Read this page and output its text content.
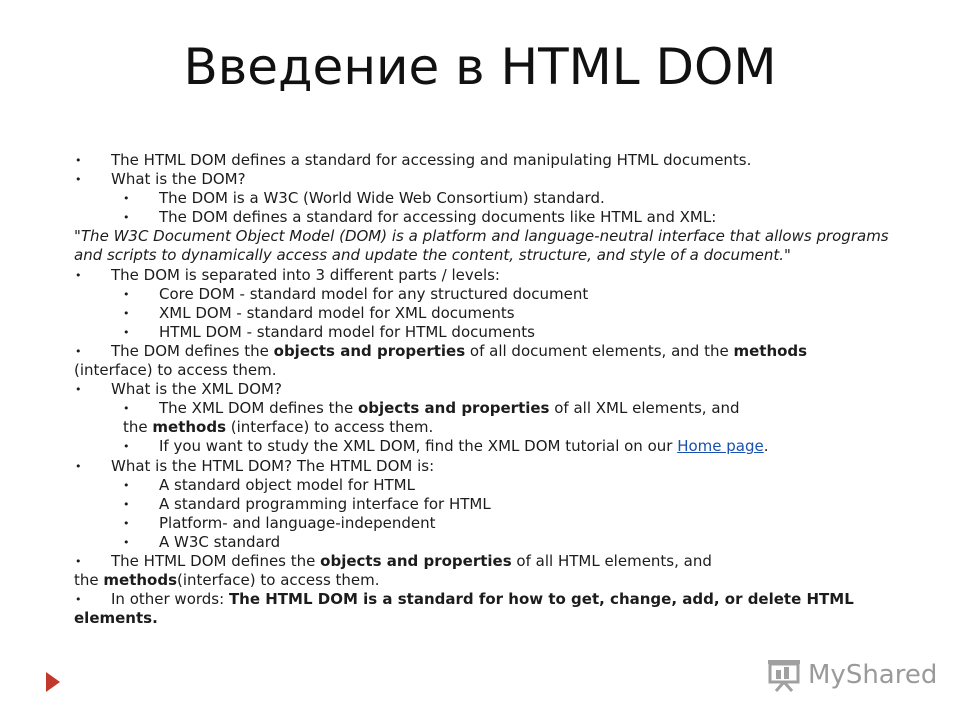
Введение в HTML DOM
• The HTML DOM defines a standard for accessing and manipulating HTML documents.
• What is the DOM?
• The DOM is a W3C (World Wide Web Consortium) standard.
• The DOM defines a standard for accessing documents like HTML and XML:
"The W3C Document Object Model (DOM) is a platform and language-neutral interface that allows programs and scripts to dynamically access and update the content, structure, and style of a document."
• The DOM is separated into 3 different parts / levels:
• Core DOM - standard model for any structured document
• XML DOM - standard model for XML documents
• HTML DOM - standard model for HTML documents
• The DOM defines the objects and properties of all document elements, and the methods
(interface) to access them.
• What is the XML DOM?
• The XML DOM defines the objects and properties of all XML elements, and
the methods (interface) to access them.
• If you want to study the XML DOM, find the XML DOM tutorial on our Home page.
• What is the HTML DOM? The HTML DOM is:
• A standard object model for HTML
• A standard programming interface for HTML
• Platform- and language-independent
• A W3C standard
• The HTML DOM defines the objects and properties of all HTML elements, and
the methods(interface) to access them.
• In other words: The HTML DOM is a standard for how to get, change, add, or delete HTML
elements.
MyShared
